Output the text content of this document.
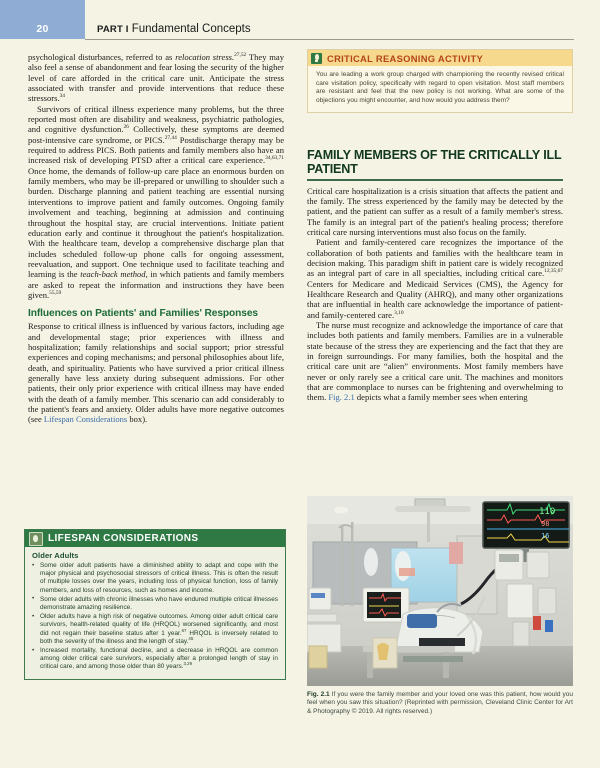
20	PART I Fundamental Concepts

psychological disturbances, referred to as relocation stress.$^{27,52}$ They may also feel a sense of abandonment and fear losing the security of the higher level of care afforded in the critical care unit. Anticipate the stress associated with transfer and provide interventions that reduce these stressors.$^{34}$

Survivors of critical illness experience many problems, but the three reported most often are disability and weakness, psychiatric pathologies, and cognitive dysfunction.$^{26}$ Collectively, these symptoms are deemed post-intensive care syndrome, or PICS.$^{27,44}$ Postdischarge therapy may be required to address PICS. Both patients and family members also have an increased risk of developing PTSD after a critical care experience.$^{34,63,71}$ Once home, the demands of follow-up care place an enormous burden on family members, who may be ill-prepared or unwilling to shoulder such a burden. Discharge planning and patient teaching are essential nursing interventions to improve patient and family outcomes. Ongoing family involvement and teaching, beginning at admission and continuing throughout the hospital stay, are crucial interventions. Initiate patient education early and continue it throughout the patient's hospitalization. With the healthcare team, develop a comprehensive discharge plan that includes scheduled follow-up phone calls for ongoing assessment, reevaluation, and support. One technique used to facilitate teaching and learning is the teach-back method, in which patients and family members are asked to repeat the information and instructions they have been given.$^{55,59}$

Influences on Patients' and Families' Responses

Response to critical illness is influenced by various factors, including age and developmental stage; prior experiences with illness and hospitalization; family relationships and social support; prior stressful experiences and coping mechanisms; and personal philosophies about life, death, and spirituality. Patients who have survived a prior critical illness generally have less anxiety during subsequent admissions. For other patients, their only prior experience with critical illness may have ended with the death of a family member. This scenario can add considerably to the patient's fears and anxiety. Older adults have more negative outcomes (see Lifespan Considerations box).

LIFESPAN CONSIDERATIONS
Older Adults
• Some older adult patients have a diminished ability to adapt and cope with the major physical and psychosocial stressors of critical illness. This is often the result of multiple losses over the years, including loss of physical function, loss of family members, and loss of resources, such as homes and income.
• Some older adults with chronic illnesses who have endured multiple critical illnesses demonstrate amazing resilience.
• Older adults have a high risk of negative outcomes. Among older adult critical care survivors, health-related quality of life (HRQOL) worsened significantly, and most did not regain their baseline status after 1 year.$^{67}$ HRQOL is inversely related to both the severity of the illness and the length of stay.$^{45}$
• Increased mortality, functional decline, and a decrease in HRQOL are common among older critical care survivors, especially after a prolonged length of stay in critical care, and among those older than 80 years.$^{3,29}$
CRITICAL REASONING ACTIVITY
You are leading a work group charged with championing the recently revised critical care visitation policy, specifically with regard to open visitation. Most staff members are resistant and feel that the new policy is not working. What are some of the objections you might encounter, and how would you address them?
FAMILY MEMBERS OF THE CRITICALLY ILL PATIENT

Critical care hospitalization is a crisis situation that affects the patient and the family. The stress experienced by the family may be detected by the patient, and the patient can suffer as a result of a family member's stress. The family is an integral part of the patient's healing process; therefore critical care nursing interventions must also focus on the family.

Patient and family-centered care recognizes the importance of the collaboration of both patients and families with the healthcare team in decision making. This paradigm shift in patient care is widely recognized as an integral part of care in all specialties, including critical care.$^{12,35,67}$ Centers for Medicare and Medicaid Services (CMS), the Agency for Healthcare Research and Quality (AHRQ), and many other organizations that are influential in health care acknowledge the importance of patient- and family-centered care.$^{3,10}$

The nurse must recognize and acknowledge the importance of care that includes both patients and family members. Families are in a vulnerable state because of the stress they are experiencing and the fact that they are in foreign surroundings. For many families, both the hospital and the critical care unit are “alien” environments. Most family members have never or only rarely see a critical care unit. The machines and monitors that are commonplace to nurses can be frightening and overwhelming to them. Fig. 2.1 depicts what a family member sees when entering

110
98
16
Fig. 2.1 If you were the family member and your loved one was this patient, how would you feel when you saw this situation? (Reprinted with permission, Cleveland Clinic Center for Art & Photography © 2019. All rights reserved.)
